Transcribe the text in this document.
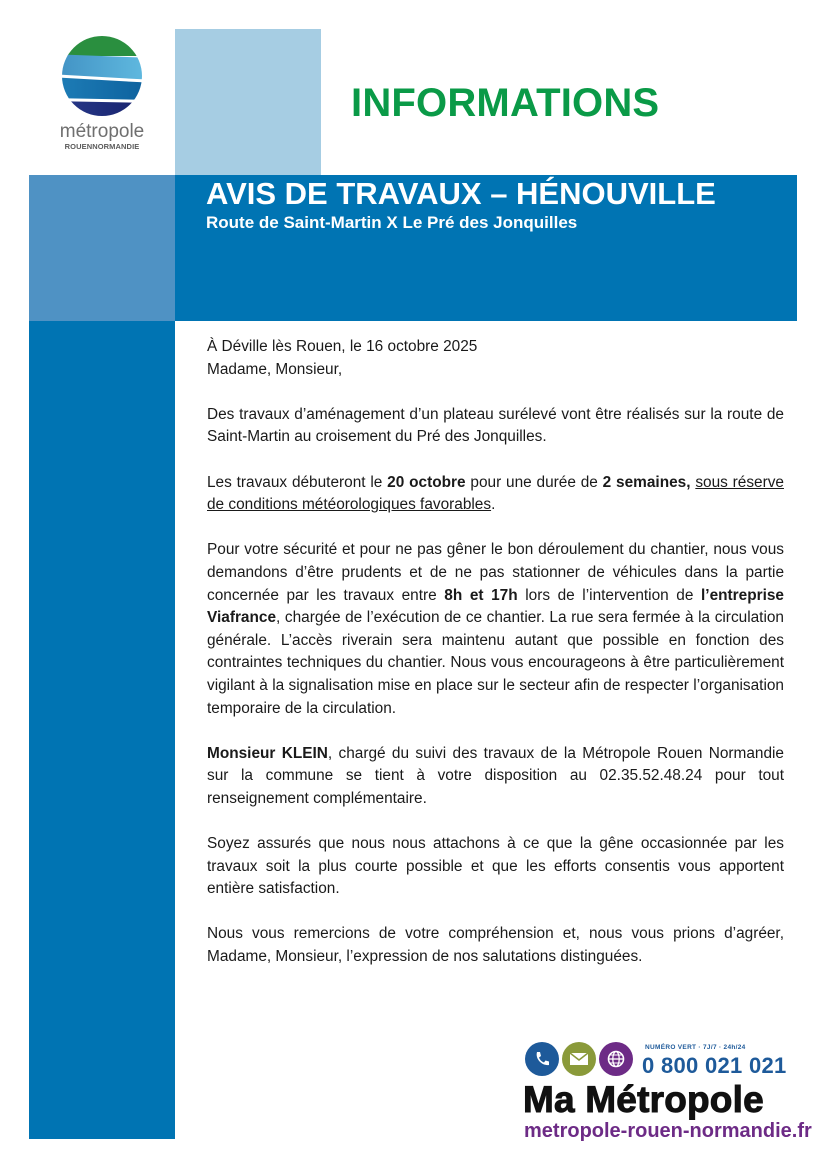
métropole
ROUENNORMANDIE
INFORMATIONS
AVIS DE TRAVAUX – HÉNOUVILLE
Route de Saint-Martin X Le Pré des Jonquilles

À Déville lès Rouen, le 16 octobre 2025

Madame, Monsieur,

Des travaux d’aménagement d’un plateau surélevé vont être réalisés sur la route de Saint-Martin au croisement du Pré des Jonquilles.

Les travaux débuteront le 20 octobre pour une durée de 2 semaines, sous réserve de conditions météorologiques favorables.

Pour votre sécurité et pour ne pas gêner le bon déroulement du chantier, nous vous demandons d’être prudents et de ne pas stationner de véhicules dans la partie concernée par les travaux entre 8h et 17h lors de l’intervention de l’entreprise Viafrance, chargée de l’exécution de ce chantier. La rue sera fermée à la circulation générale. L’accès riverain sera maintenu autant que possible en fonction des contraintes techniques du chantier. Nous vous encourageons à être particulièrement vigilant à la signalisation mise en place sur le secteur afin de respecter l’organisation temporaire de la circulation.

Monsieur KLEIN, chargé du suivi des travaux de la Métropole Rouen Normandie sur la commune se tient à votre disposition au 02.35.52.48.24 pour tout renseignement complémentaire.

Soyez assurés que nous nous attachons à ce que la gêne occasionnée par les travaux soit la plus courte possible et que les efforts consentis vous apportent entière satisfaction.

Nous vous remercions de votre compréhension et, nous vous prions d’agréer, Madame, Monsieur, l’expression de nos salutations distinguées.

NUMÉRO VERT · 7J/7 · 24h/24
0 800 021 021
Ma Métropole
metropole-rouen-normandie.fr
